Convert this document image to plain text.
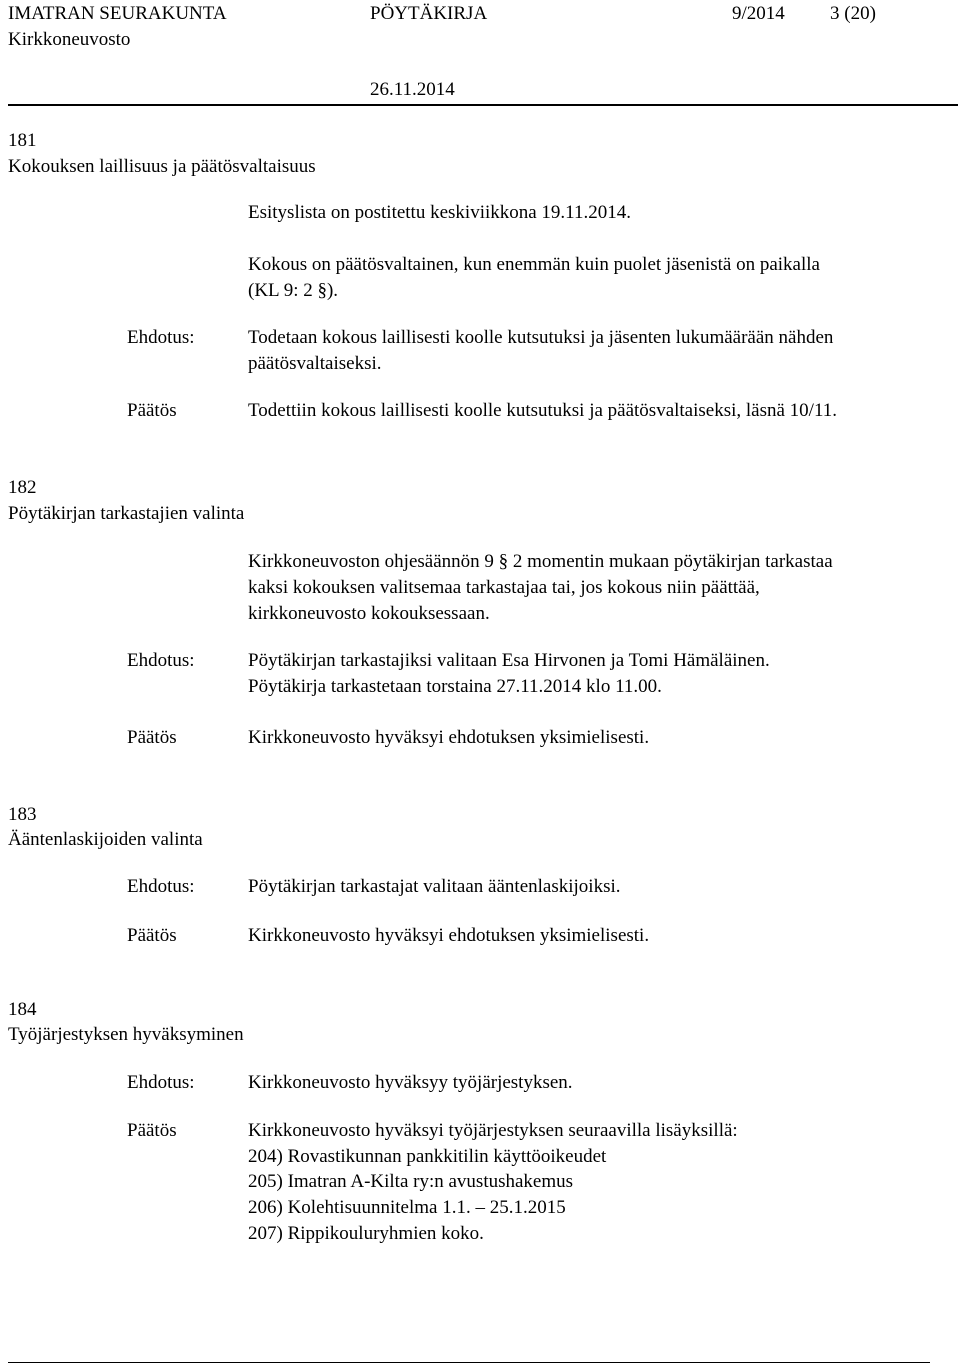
IMATRAN SEURAKUNTA	PÖYTÄKIRJA	9/2014 3 (20)
Kirkkoneuvosto
26.11.2014
181
Kokouksen laillisuus ja päätösvaltaisuus
Esityslista on postitettu keskiviikkona 19.11.2014.
Kokous on päätösvaltainen, kun enemmän kuin puolet jäsenistä on paikalla
(KL 9: 2 §).
Ehdotus:	Todetaan kokous laillisesti koolle kutsutuksi ja jäsenten lukumäärään nähden
päätösvaltaiseksi.
Päätös	Todettiin kokous laillisesti koolle kutsutuksi ja päätösvaltaiseksi, läsnä 10/11.
182
Pöytäkirjan tarkastajien valinta
Kirkkoneuvoston ohjesäännön 9 § 2 momentin mukaan pöytäkirjan tarkastaa
kaksi kokouksen valitsemaa tarkastajaa tai, jos kokous niin päättää,
kirkkoneuvosto kokouksessaan.
Ehdotus:	Pöytäkirjan tarkastajiksi valitaan Esa Hirvonen ja Tomi Hämäläinen.
Pöytäkirja tarkastetaan torstaina 27.11.2014 klo 11.00.
Päätös	Kirkkoneuvosto hyväksyi ehdotuksen yksimielisesti.
183
Ääntenlaskijoiden valinta
Ehdotus:	Pöytäkirjan tarkastajat valitaan ääntenlaskijoiksi.
Päätös	Kirkkoneuvosto hyväksyi ehdotuksen yksimielisesti.
184
Työjärjestyksen hyväksyminen
Ehdotus:	Kirkkoneuvosto hyväksyy työjärjestyksen.
Päätös	Kirkkoneuvosto hyväksyi työjärjestyksen seuraavilla lisäyksillä:
204) Rovastikunnan pankkitilin käyttöoikeudet
205) Imatran A-Kilta ry:n avustushakemus
206) Kolehtisuunnitelma 1.1. – 25.1.2015
207) Rippikouluryhmien koko.
